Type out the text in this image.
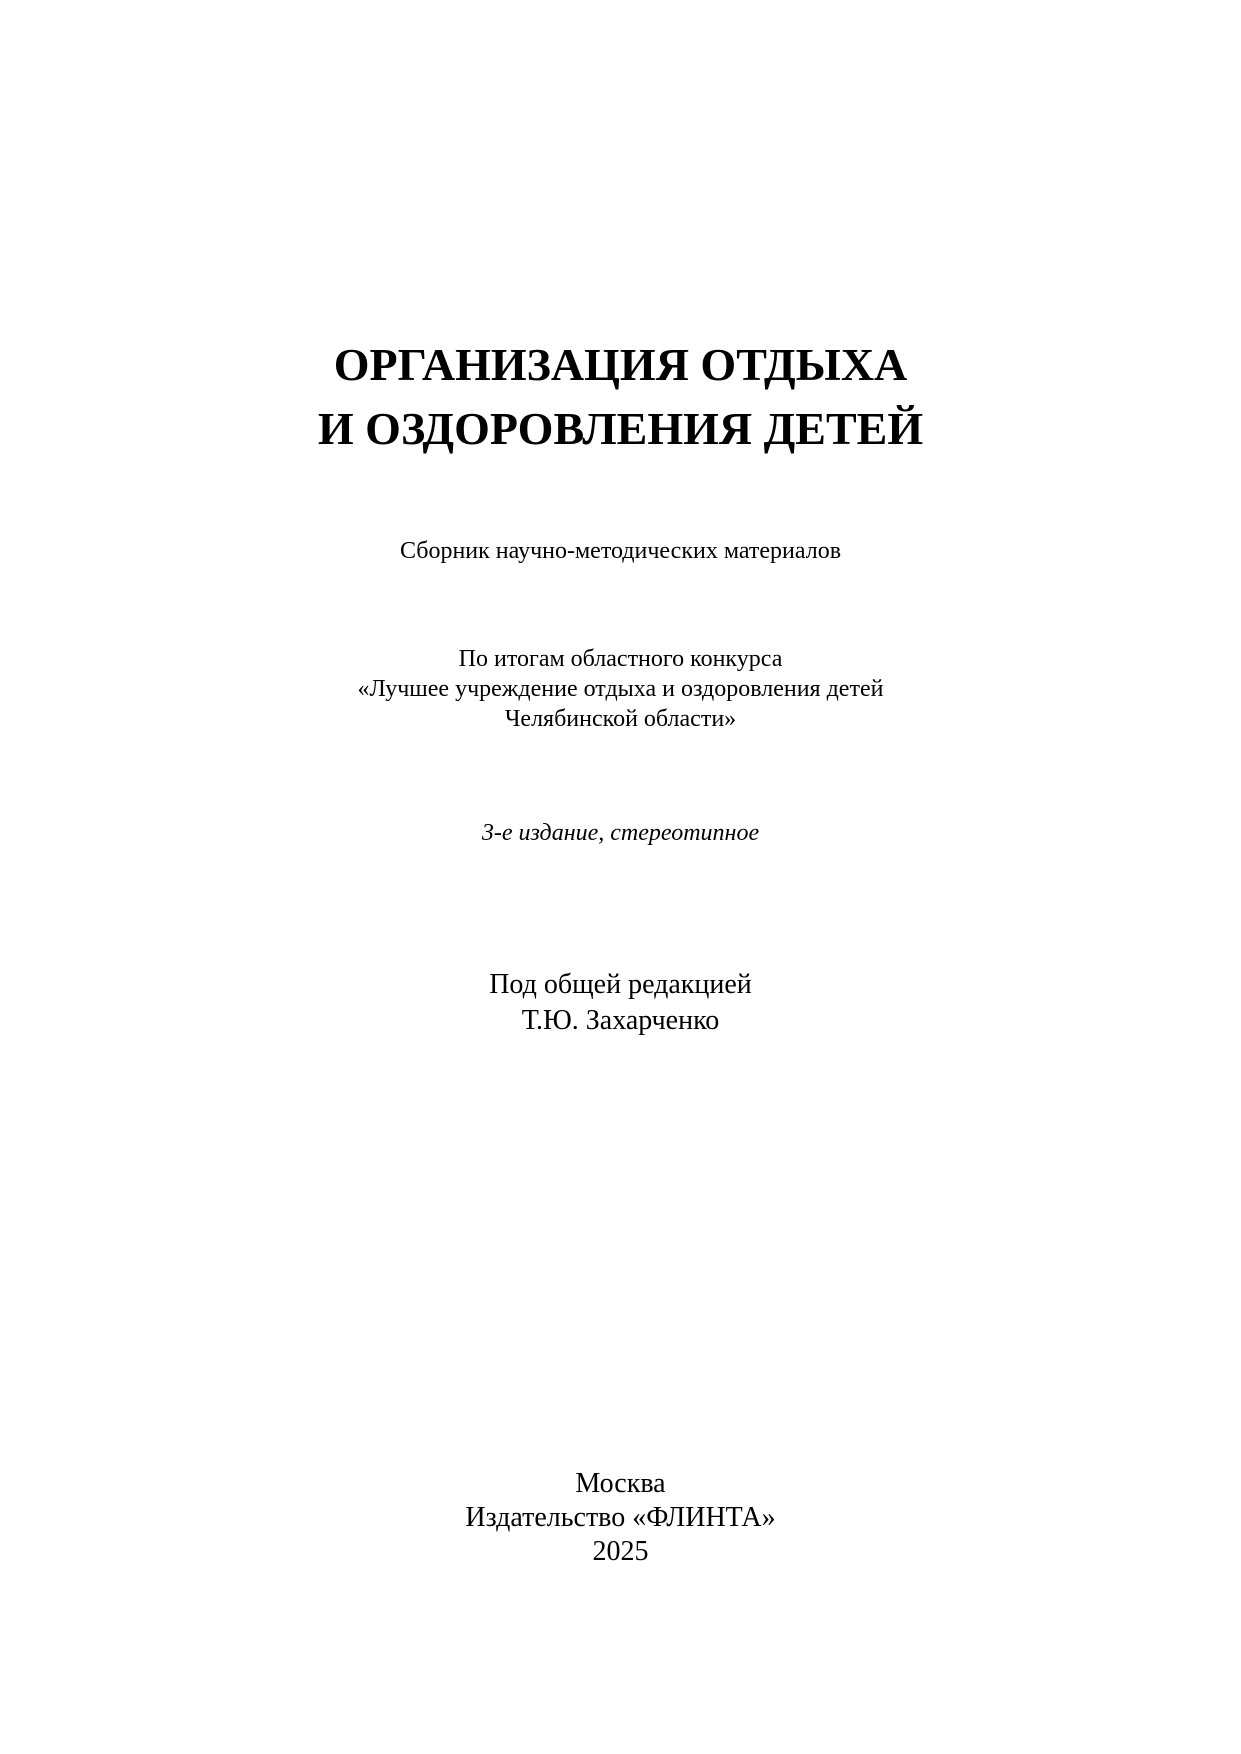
ОРГАНИЗАЦИЯ ОТДЫХА
И ОЗДОРОВЛЕНИЯ ДЕТЕЙ
Сборник научно-методических материалов
По итогам областного конкурса
«Лучшее учреждение отдыха и оздоровления детей
Челябинской области»
3-е издание, стереотипное
Под общей редакцией
Т.Ю. Захарченко
Москва
Издательство «ФЛИНТА»
2025
